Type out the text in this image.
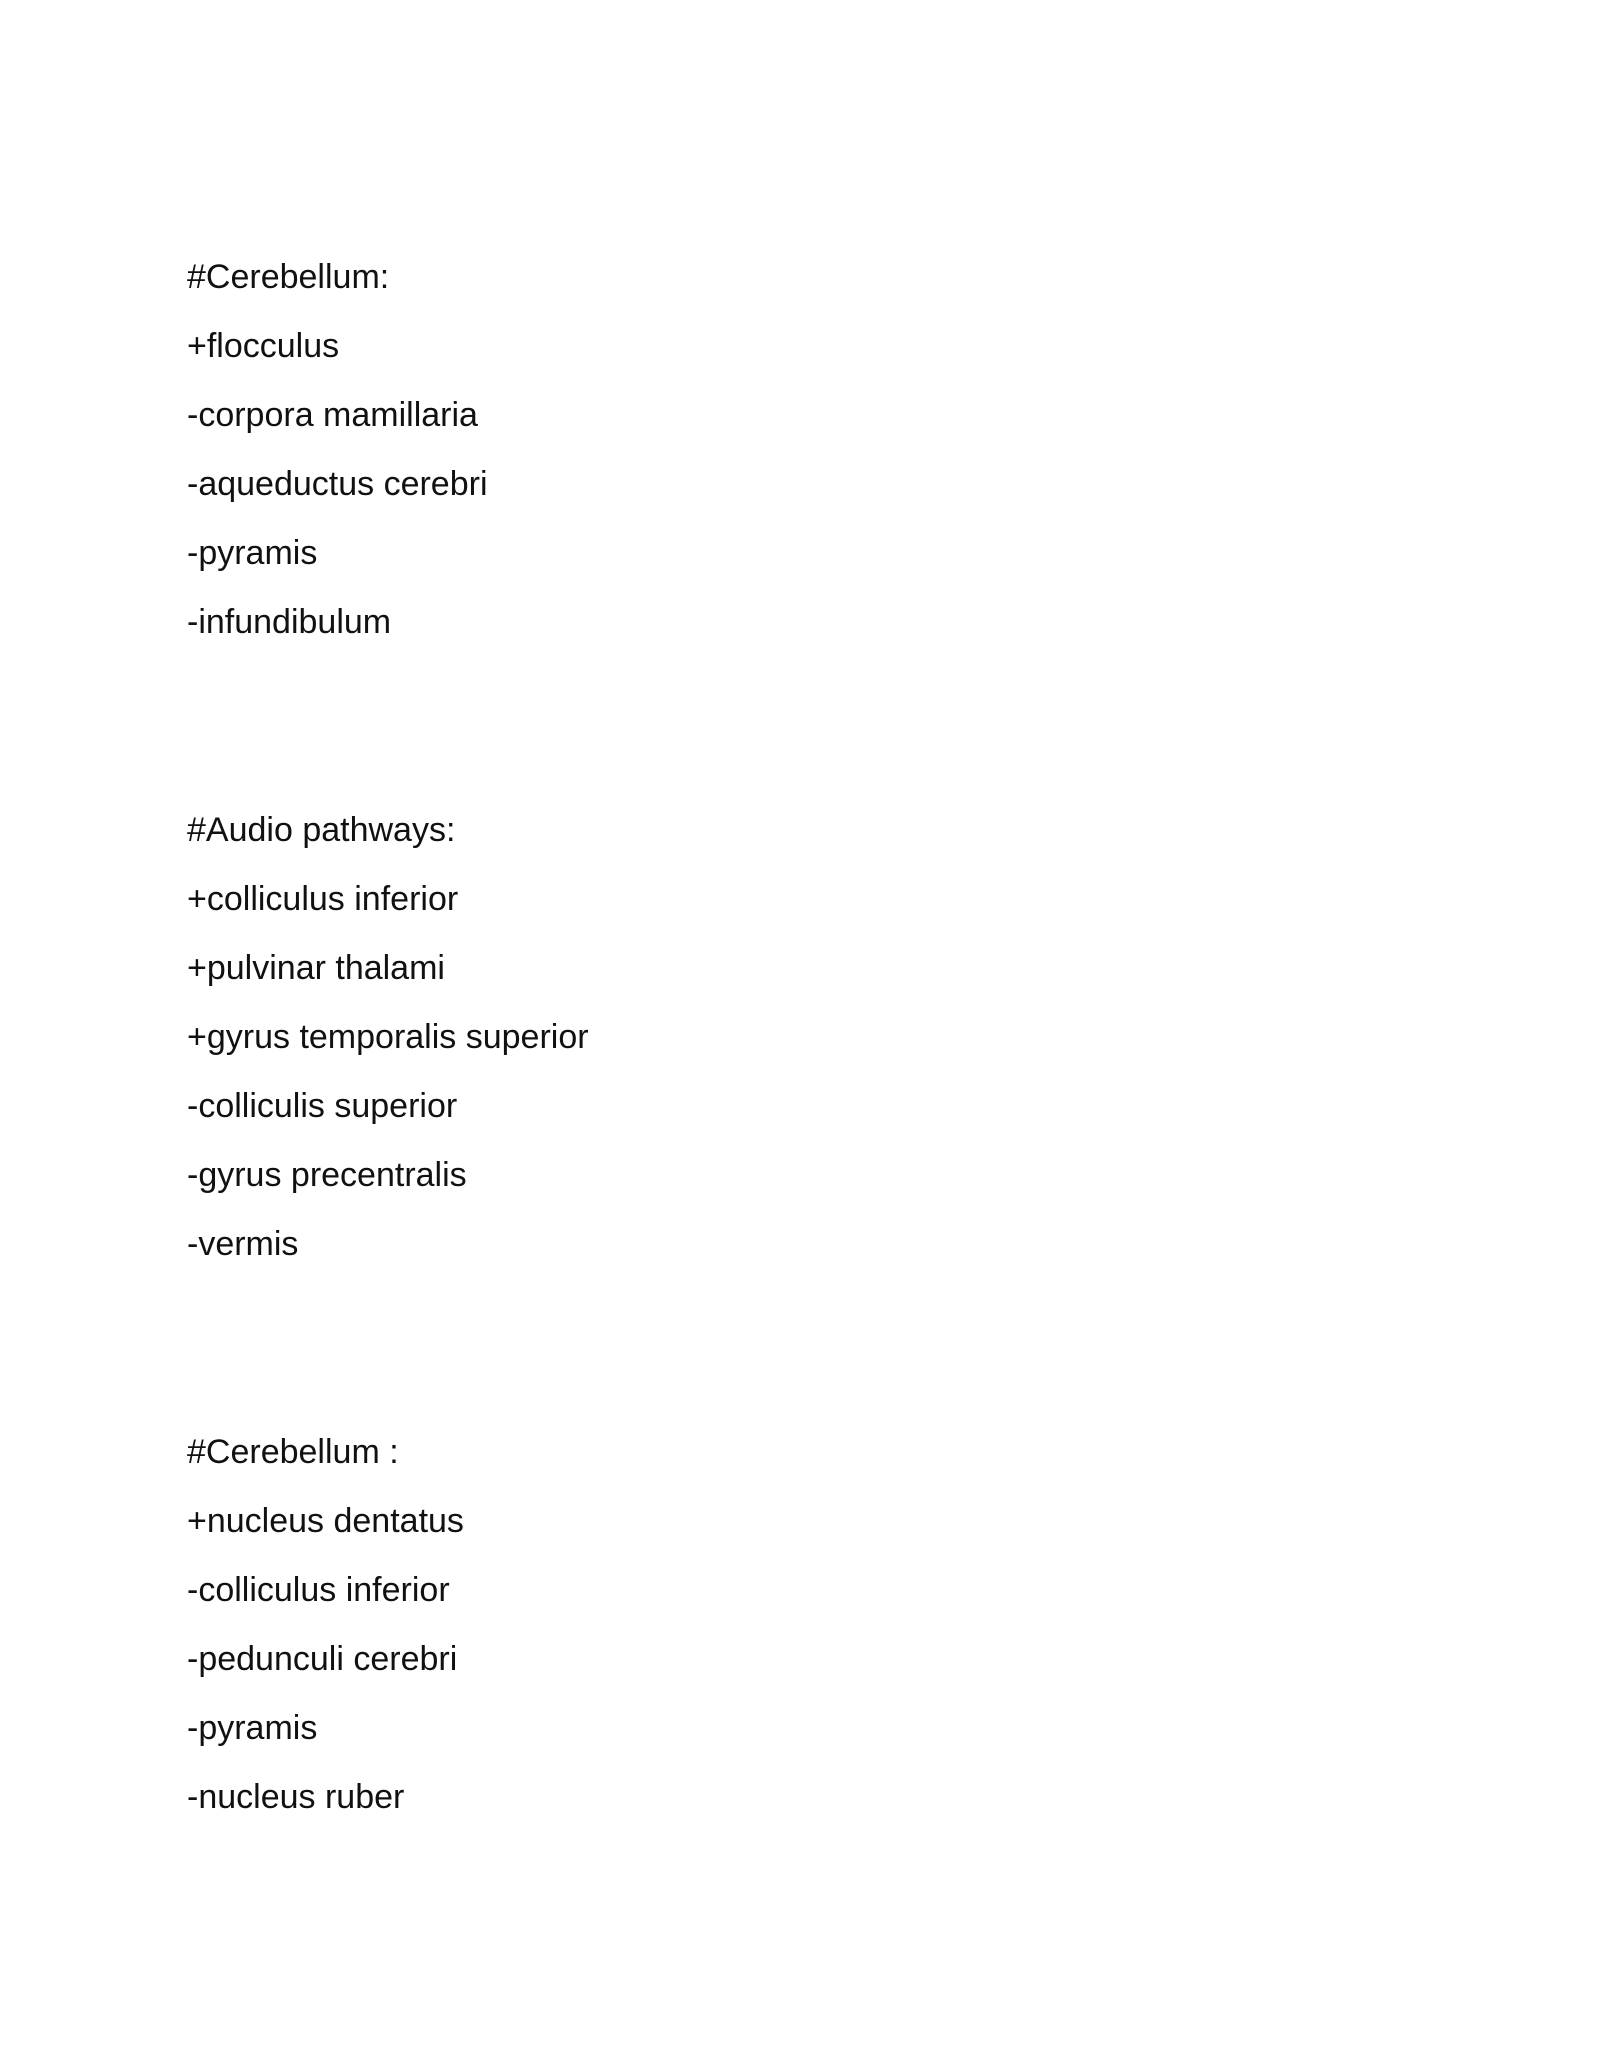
#Cerebellum:
+flocculus
-corpora mamillaria
-aqueductus cerebri
-pyramis
-infundibulum
#Audio pathways:
+colliculus inferior
+pulvinar thalami
+gyrus temporalis superior
-colliculis superior
-gyrus precentralis
-vermis
#Cerebellum :
+nucleus dentatus
-colliculus inferior
-pedunculi cerebri
-pyramis
-nucleus ruber
